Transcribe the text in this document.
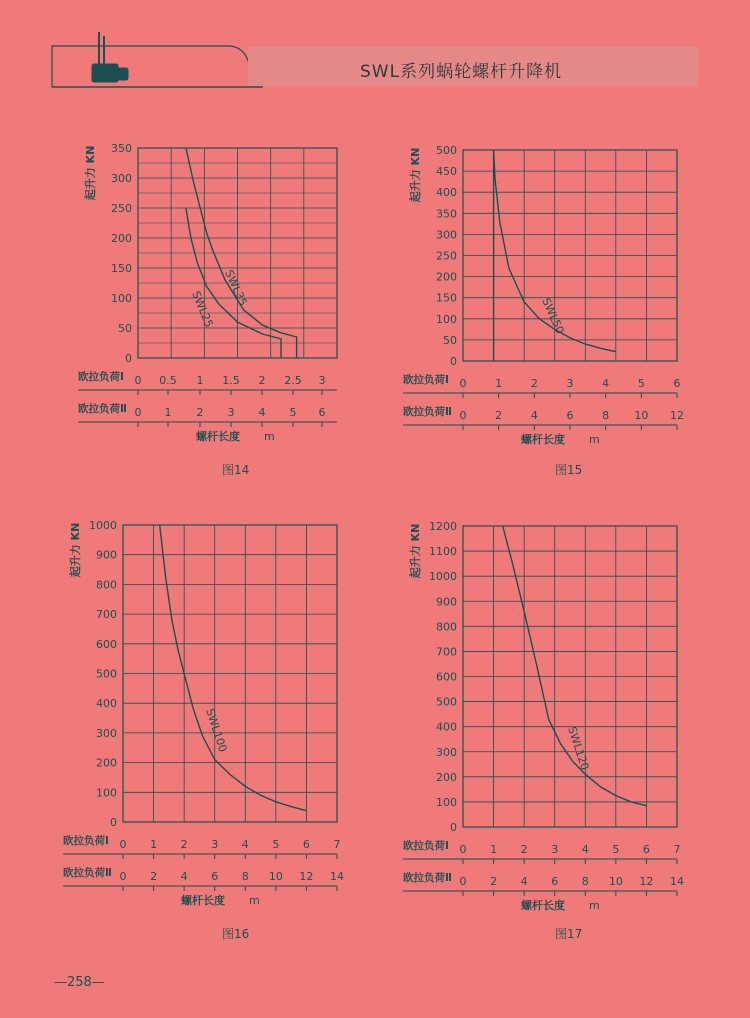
SWL系列蜗轮螺杆升降机
0
50
100
150
200
250
300
350
起升力 KN
欧拉负荷Ⅰ 0 0.5 1 1.5 2 2.5 3
欧拉负荷Ⅱ 0 1 2 3 4 5 6
螺杆长度 m
SWL35
SWL25
0
50
100
150
200
250
300
350
400
450
500
起升力 KN
欧拉负荷Ⅰ 0	1	2	3	4	5	6
欧拉负荷Ⅱ 0	2	4	6	8 10 12
螺杆长度 m
SWL50
0
100
200
300
400
500
600
700
800
900
1000
起升力 KN
欧拉负荷Ⅰ 0 1 2 3 4 5 6 7
欧拉负荷Ⅱ 0 2 4 6 8 10 12 14
螺杆长度 m
SWL100
0
100
200
300
400
500
600
700
800
900
1000
1100
1200
起升力 KN
欧拉负荷Ⅰ 0 1 2 3 4 5 6 7
欧拉负荷Ⅱ 0 2 4 6 8 10 12 14
螺杆长度 m
SWL120
图14	图15
图16	图17
—258—
